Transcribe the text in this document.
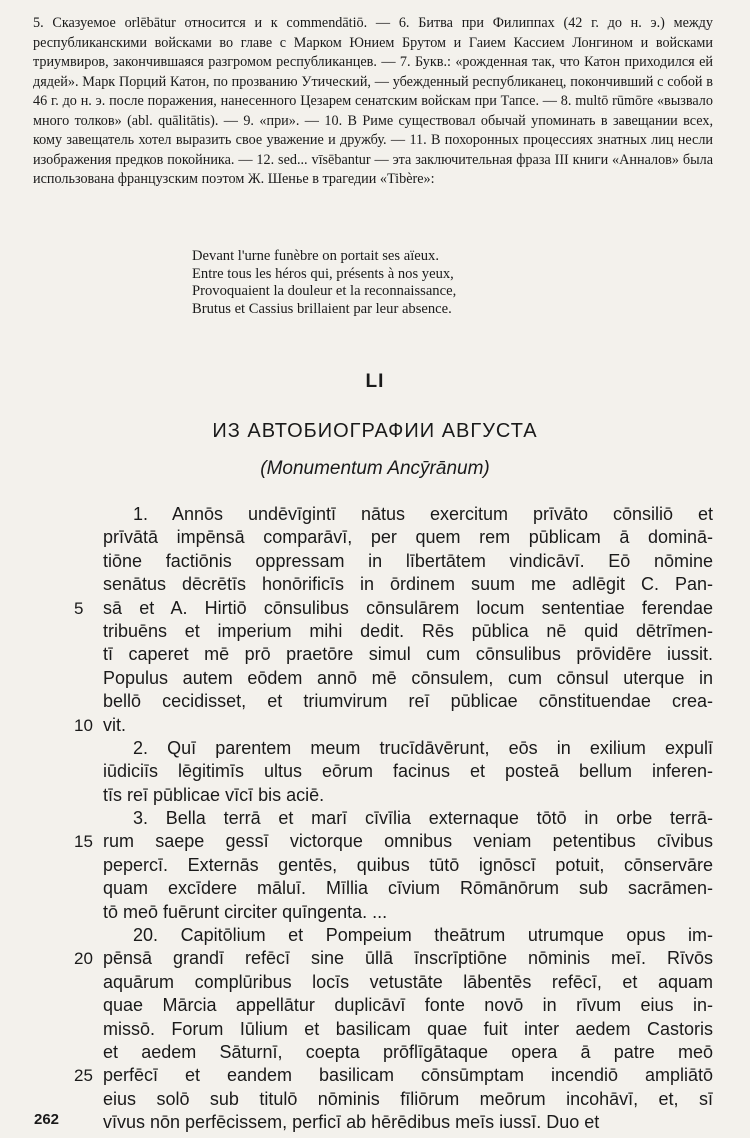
5. Сказуемое orlēbātur относится и к commendātiō. — 6. Битва при Филиппах (42 г. до н. э.) между республиканскими войсками во главе с Марком Юнием Брутом и Гаием Кассием Лонгином и войсками триумвиров, закончившаяся разгромом республиканцев. — 7. Букв.: «рожденная так, что Катон приходился ей дядей». Марк Порций Катон, по прозванию Утический, — убежденный республиканец, покончивший с собой в 46 г. до н. э. после поражения, нанесенного Цезарем сенатским войскам при Тапсе. — 8. multō rūmōre «вызвало много толков» (abl. quālitātis). — 9. «при». — 10. В Риме существовал обычай упоминать в завещании всех, кому завещатель хотел выразить свое уважение и дружбу. — 11. В похоронных процессиях знатных лиц несли изображения предков покойника. — 12. sed... vīsēbantur — эта заключительная фраза III книги «Анналов» была использована французским поэтом Ж. Шенье в трагедии «Tibère»:

Devant l'urne funèbre on portait ses aïeux.
Entre tous les héros qui, présents à nos yeux,
Provoquaient la douleur et la reconnaissance,
Brutus et Cassius brillaient par leur absence.
LI
ИЗ АВТОБИОГРАФИИ АВГУСТА
(Monumentum Ancȳrānum)
1. Annōs undēvīgintī nātus exercitum prīvāto cōnsiliō et
prīvātā impēnsā comparāvī, per quem rem pūblicam ā dominā-
tiōne factiōnis oppressam in lībertātem vindicāvī. Eō nōmine
senātus dēcrētīs honōrificīs in ōrdinem suum me adlēgit C. Pan-
5	sā et A. Hirtiō cōnsulibus cōnsulārem locum sententiae ferendae
tribuēns et imperium mihi dedit. Rēs pūblica nē quid dētrīmen-
tī caperet mē prō praetōre simul cum cōnsulibus prōvidēre iussit.
Populus autem eōdem annō mē cōnsulem, cum cōnsul uterque in
bellō cecidisset, et triumvirum reī pūblicae cōnstituendae crea-
10 vit.
2. Quī parentem meum trucīdāvērunt, eōs in exilium expulī
iūdiciīs lēgitimīs ultus eōrum facinus et posteā bellum inferen-
tīs reī pūblicae vīcī bis aciē.
3. Bella terrā et marī cīvīlia externaque tōtō in orbe terrā-
15 rum saepe gessī victorque omnibus veniam petentibus cīvibus
pepercī. Externās gentēs, quibus tūtō ignōscī potuit, cōnservāre
quam excīdere māluī. Mīllia cīvium Rōmānōrum sub sacrāmen-
tō meō fuērunt circiter quīngenta. ...
20. Capitōlium et Pompeium theātrum utrumque opus im-
20 pēnsā grandī refēcī sine ūllā īnscrīptiōne nōminis meī. Rīvōs
aquārum complūribus locīs vetustāte lābentēs refēcī, et aquam
quae Mārcia appellātur duplicāvī fonte novō in rīvum eius in-
missō. Forum Iūlium et basilicam quae fuit inter aedem Castoris
et aedem Sāturnī, coepta prōflīgātaque opera ā patre meō
25 perfēcī et eandem basilicam cōnsūmptam incendiō ampliātō
eius solō sub titulō nōminis fīliōrum meōrum incohāvī, et, sī
vīvus nōn perfēcissem, perficī ab hērēdibus meīs iussī. Duo et
262
